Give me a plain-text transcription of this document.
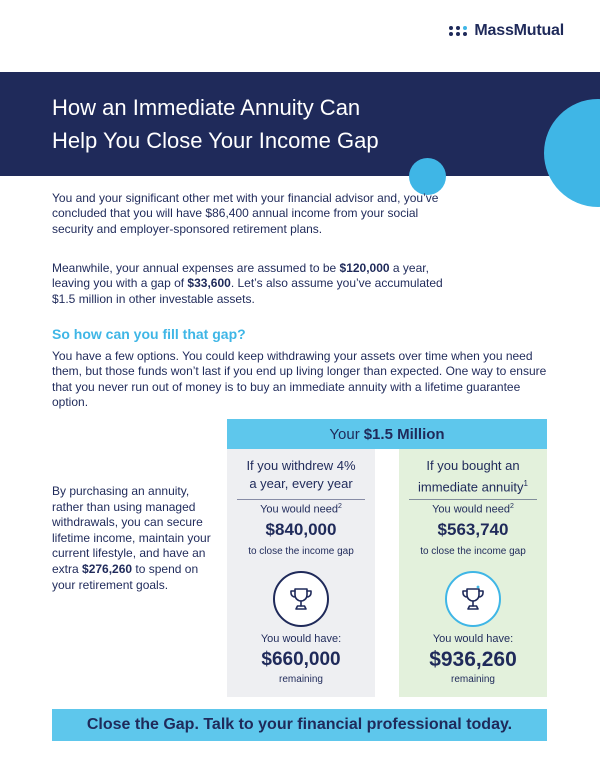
MassMutual
How an Immediate Annuity Can
Help You Close Your Income Gap
You and your significant other met with your financial advisor and, you’ve concluded that you will have $86,400 annual income from your social security and employer-sponsored retirement plans.
Meanwhile, your annual expenses are assumed to be $120,000 a year, leaving you with a gap of $33,600. Let’s also assume you’ve accumulated $1.5 million in other investable assets.
So how can you fill that gap?
You have a few options. You could keep withdrawing your assets over time when you need them, but those funds won’t last if you end up living longer than expected. One way to ensure that you never run out of money is to buy an immediate annuity with a lifetime guarantee option.
By purchasing an annuity, rather than using managed withdrawals, you can secure lifetime income, maintain your current lifestyle, and have an extra $276,260 to spend on your retirement goals.
Your $1.5 Million
If you withdrew 4%
a year, every year
You would need$^2$
$840,000
to close the income gap
You would have:
$660,000
remaining
If you bought an
immediate annuity$^1$
You would need$^2$
$563,740
to close the income gap
You would have:
$936,260
remaining
Close the Gap. Talk to your financial professional today.
